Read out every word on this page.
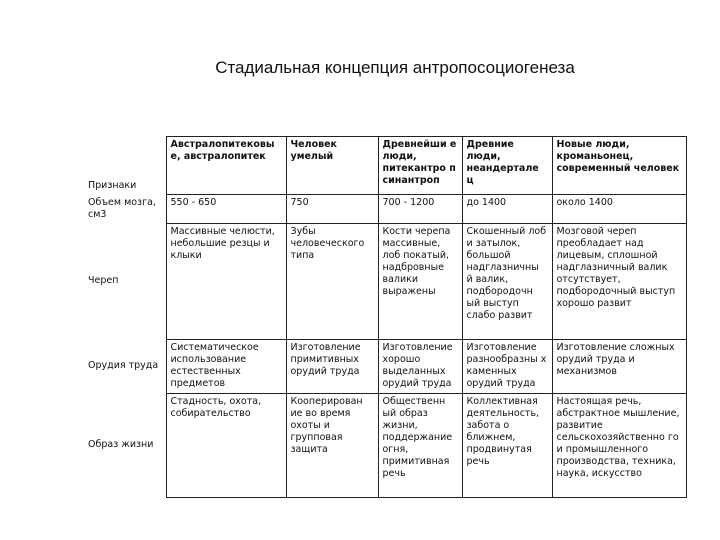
Стадиальная концепция антропосоциогенеза
Признаки	Австралопитековы е, австралопитек	Человек умелый	Древнейши е люди, питекантро п синантроп	Древние люди, неандертале ц	Новые люди, кроманьонец, современный человек
Объем мозга, см3	550 - 650	750	700 - 1200	до 1400	около 1400
Череп	Массивные челюсти, небольшие резцы и клыки	Зубы человеческого типа	Кости черепа массивные, лоб покатый, надбровные валики выражены	Скошенный лоб и затылок, большой надглазничны й валик, подбородочн ый выступ слабо развит	Мозговой череп преобладает над лицевым, сплошной надглазничный валик отсутствует, подбородочный выступ хорошо развит
Орудия труда	Систематическое использование естественных предметов	Изготовление примитивных орудий труда	Изготовление хорошо выделанных орудий труда	Изготовление разнообразны х каменных орудий труда	Изготовление сложных орудий труда и механизмов
Образ жизни	Стадность, охота, собирательство	Кооперирован ие во время охоты и групповая защита	Общественн ый образ жизни, поддержание огня, примитивная речь	Коллективная деятельность, забота о ближнем, продвинутая речь	Настоящая речь, абстрактное мышление, развитие сельскохозяйственно го и промышленного производства, техника, наука, искусство
